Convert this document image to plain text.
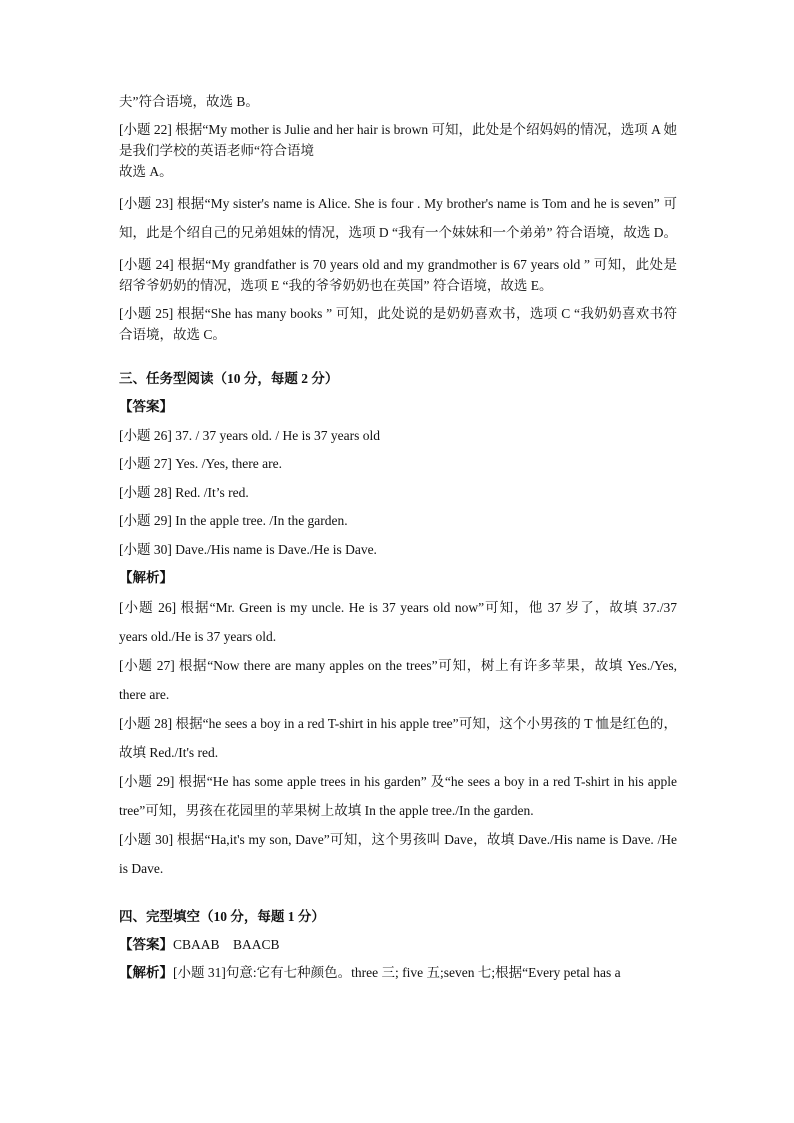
夫”符合语境，故选 B。

[小题 22] 根据“My mother is Julie and her hair is brown 可知，此处是个绍妈妈的情况，选项 A 她是我们学校的英语老师“符合语境

故选 A。

[小题 23] 根据“My sister's name is Alice. She is four . My brother's name is Tom and he is seven” 可知，此是个绍自己的兄弟姐妹的情况，选项 D “我有一个妹妹和一个弟弟” 符合语境，故选 D。

[小题 24] 根据“My grandfather is 70 years old and my grandmother is 67 years old ” 可知，此处是绍爷爷奶奶的情况，选项 E “我的爷爷奶奶也在英国” 符合语境，故选 E。

[小题 25] 根据“She has many books ” 可知，此处说的是奶奶喜欢书，选项 C “我奶奶喜欢书符合语境，故选 C。

三、任务型阅读（10 分，每题 2 分）
【答案】
[小题 26] 37. / 37 years old. / He is 37 years old
[小题 27] Yes. /Yes, there are.
[小题 28] Red. /It’s red.
[小题 29] In the apple tree. /In the garden.
[小题 30] Dave./His name is Dave./He is Dave.
【解析】

[小题 26] 根据“Mr. Green is my uncle. He is 37 years old now”可知，他 37 岁了，故填 37./37 years old./He is 37 years old.

[小题 27] 根据“Now there are many apples on the trees”可知，树上有许多苹果，故填 Yes./Yes, there are.

[小题 28] 根据“he sees a boy in a red T-shirt in his apple tree”可知，这个小男孩的 T 恤是红色的，故填 Red./It's red.

[小题 29] 根据“He has some apple trees in his garden” 及“he sees a boy in a red T-shirt in his apple tree”可知，男孩在花园里的苹果树上故填 In the apple tree./In the garden.

[小题 30] 根据“Ha,it's my son, Dave”可知，这个男孩叫 Dave，故填 Dave./His name is Dave. /He is Dave.

四、完型填空（10 分，每题 1 分）
【答案】CBAAB    BAACB
【解析】[小题 31]句意:它有七种颜色。three 三; five 五;seven 七;根据“Every petal has a
